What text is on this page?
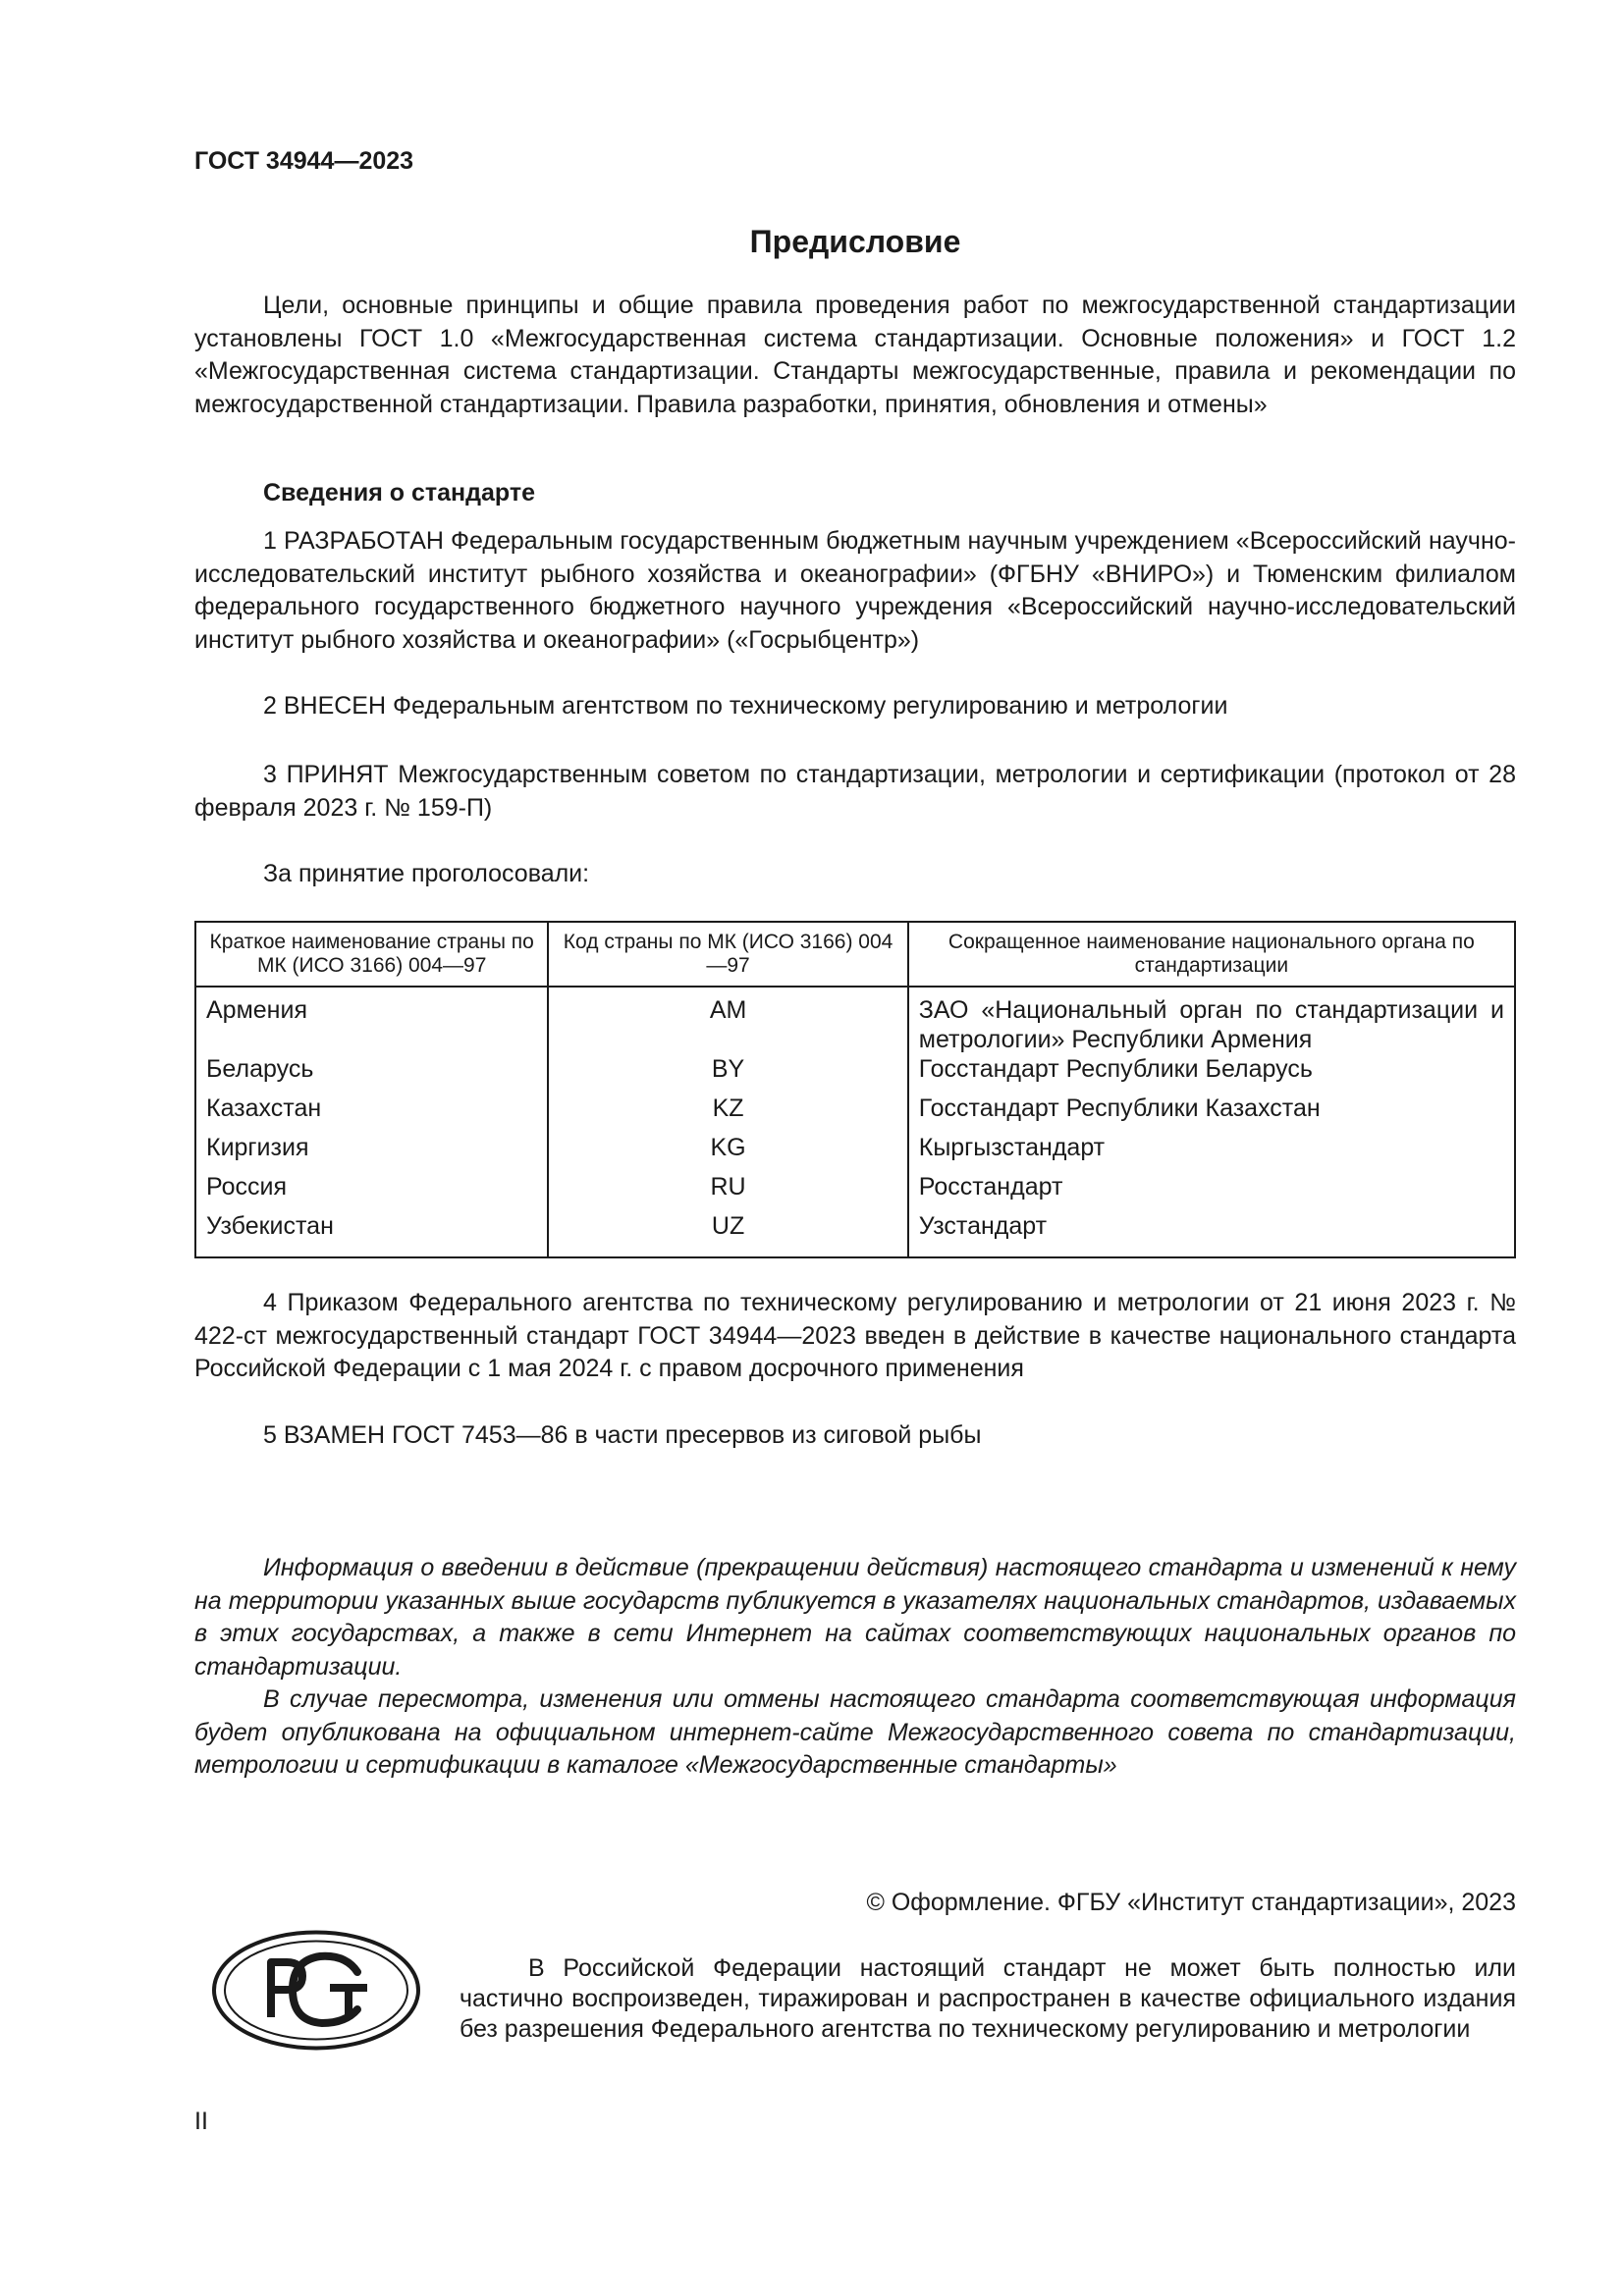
ГОСТ 34944—2023
Предисловие

Цели, основные принципы и общие правила проведения работ по межгосударственной стандартизации установлены ГОСТ 1.0 «Межгосударственная система стандартизации. Основные положения» и ГОСТ 1.2 «Межгосударственная система стандартизации. Стандарты межгосударственные, правила и рекомендации по межгосударственной стандартизации. Правила разработки, принятия, обновления и отмены»

Сведения о стандарте

1 РАЗРАБОТАН Федеральным государственным бюджетным научным учреждением «Всероссийский научно-исследовательский институт рыбного хозяйства и океанографии» (ФГБНУ «ВНИРО») и Тюменским филиалом федерального государственного бюджетного научного учреждения «Всероссийский научно-исследовательский институт рыбного хозяйства и океанографии» («Госрыбцентр»)

2 ВНЕСЕН Федеральным агентством по техническому регулированию и метрологии

3 ПРИНЯТ Межгосударственным советом по стандартизации, метрологии и сертификации (протокол от 28 февраля 2023 г. № 159-П)

За принятие проголосовали:

Краткое наименование страны по МК (ИСО 3166) 004—97	Код страны по МК (ИСО 3166) 004—97	Сокращенное наименование национального органа по стандартизации
Армения	AM	ЗАО «Национальный орган по стандартизации и метрологии» Республики Армения
Беларусь	BY	Госстандарт Республики Беларусь
Казахстан	KZ	Госстандарт Республики Казахстан
Киргизия	KG	Кыргызстандарт
Россия	RU	Росстандарт
Узбекистан	UZ	Узстандарт

4 Приказом Федерального агентства по техническому регулированию и метрологии от 21 июня 2023 г. № 422-ст межгосударственный стандарт ГОСТ 34944—2023 введен в действие в качестве национального стандарта Российской Федерации с 1 мая 2024 г. с правом досрочного применения

5 ВЗАМЕН ГОСТ 7453—86 в части пресервов из сиговой рыбы

Информация о введении в действие (прекращении действия) настоящего стандарта и изменений к нему на территории указанных выше государств публикуется в указателях национальных стандартов, издаваемых в этих государствах, а также в сети Интернет на сайтах соответствующих национальных органов по стандартизации.

В случае пересмотра, изменения или отмены настоящего стандарта соответствующая информация будет опубликована на официальном интернет-сайте Межгосударственного совета по стандартизации, метрологии и сертификации в каталоге «Межгосударственные стандарты»

© Оформление. ФГБУ «Институт стандартизации», 2023

В Российской Федерации настоящий стандарт не может быть полностью или частично воспроизведен, тиражирован и распространен в качестве официального издания без разрешения Федерального агентства по техническому регулированию и метрологии

II
